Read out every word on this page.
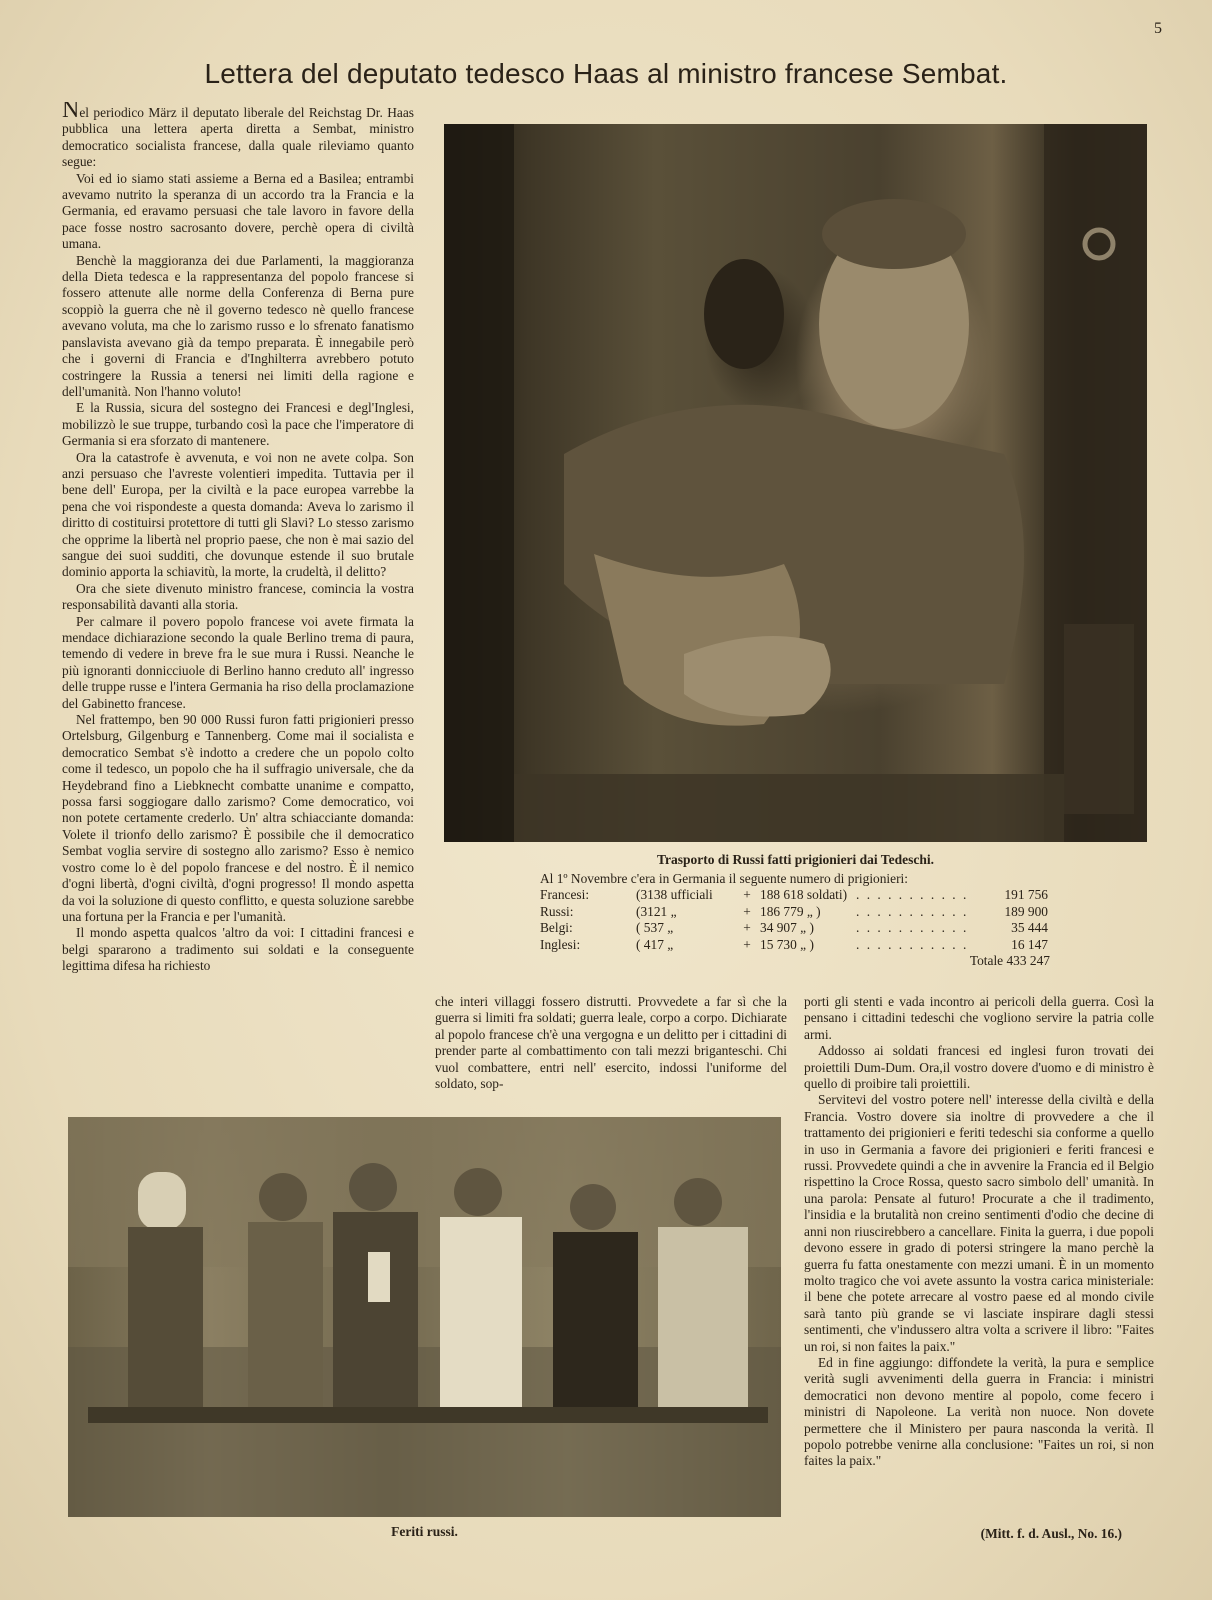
5
Lettera del deputato tedesco Haas al ministro francese Sembat.

Nel periodico März il deputato liberale del Reichstag Dr. Haas pubblica una lettera aperta diretta a Sembat, ministro democratico socialista francese, dalla quale rileviamo quanto segue:

Voi ed io siamo stati assieme a Berna ed a Basilea; entrambi avevamo nutrito la speranza di un accordo tra la Francia e la Germania, ed eravamo persuasi che tale lavoro in favore della pace fosse nostro sacrosanto dovere, perchè opera di civiltà umana.

Benchè la maggioranza dei due Parlamenti, la maggioranza della Dieta tedesca e la rappresentanza del popolo francese si fossero attenute alle norme della Conferenza di Berna pure scoppiò la guerra che nè il governo tedesco nè quello francese avevano voluta, ma che lo zarismo russo e lo sfrenato fanatismo panslavista avevano già da tempo preparata. È innegabile però che i governi di Francia e d'Inghilterra avrebbero potuto costringere la Russia a tenersi nei limiti della ragione e dell'umanità. Non l'hanno voluto!

E la Russia, sicura del sostegno dei Francesi e degl'Inglesi, mobilizzò le sue truppe, turbando così la pace che l'imperatore di Germania si era sforzato di mantenere.

Ora la catastrofe è avvenuta, e voi non ne avete colpa. Son anzi persuaso che l'avreste volentieri impedita. Tuttavia per il bene dell' Europa, per la civiltà e la pace europea varrebbe la pena che voi rispondeste a questa domanda: Aveva lo zarismo il diritto di costituirsi protettore di tutti gli Slavi? Lo stesso zarismo che opprime la libertà nel proprio paese, che non è mai sazio del sangue dei suoi sudditi, che dovunque estende il suo brutale dominio apporta la schiavitù, la morte, la crudeltà, il delitto?

Ora che siete divenuto ministro francese, comincia la vostra responsabilità davanti alla storia.

Per calmare il povero popolo francese voi avete firmata la mendace dichiarazione secondo la quale Berlino trema di paura, temendo di vedere in breve fra le sue mura i Russi. Neanche le più ignoranti donnicciuole di Berlino hanno creduto all' ingresso delle truppe russe e l'intera Germania ha riso della proclamazione del Gabinetto francese.

Nel frattempo, ben 90 000 Russi furon fatti prigionieri presso Ortelsburg, Gilgenburg e Tannenberg. Come mai il socialista e democratico Sembat s'è indotto a credere che un popolo colto come il tedesco, un popolo che ha il suffragio universale, che da Heydebrand fino a Liebknecht combatte unanime e compatto, possa farsi soggiogare dallo zarismo? Come democratico, voi non potete certamente crederlo. Un' altra schiacciante domanda: Volete il trionfo dello zarismo? È possibile che il democratico Sembat voglia servire di sostegno allo zarismo? Esso è nemico vostro come lo è del popolo francese e del nostro. È il nemico d'ogni libertà, d'ogni civiltà, d'ogni progresso! Il mondo aspetta da voi la soluzione di questo conflitto, e questa soluzione sarebbe una fortuna per la Francia e per l'umanità.

Il mondo aspetta qualcos 'altro da voi: I cittadini francesi e belgi spararono a tradimento sui soldati e la conseguente legittima difesa ha richiesto

Trasporto di Russi fatti prigionieri dai Tedeschi.

Al 1º Novembre c'era in Germania il seguente numero di prigionieri:

Francesi:	(3138 ufficiali	+	188 618 soldati)	. . . . . . . . . . .	191 756
Russi:	(3121 „	+	186 779 „ )	. . . . . . . . . . .	189 900
Belgi:	( 537 „	+	34 907 „ )	. . . . . . . . . . .	35 444
Inglesi:	( 417 „	+	15 730 „ )	. . . . . . . . . . .	16 147

Totale 433 247

che interi villaggi fossero distrutti. Provvedete a far sì che la guerra si limiti fra soldati; guerra leale, corpo a corpo. Dichiarate al popolo francese ch'è una vergogna e un delitto per i cittadini di prender parte al combattimento con tali mezzi briganteschi. Chi vuol combattere, entri nell' esercito, indossi l'uniforme del soldato, sop-

porti gli stenti e vada incontro ai pericoli della guerra. Così la pensano i cittadini tedeschi che vogliono servire la patria colle armi.

Addosso ai soldati francesi ed inglesi furon trovati dei proiettili Dum-Dum. Ora,il vostro dovere d'uomo e di ministro è quello di proibire tali proiettili.

Servitevi del vostro potere nell' interesse della civiltà e della Francia. Vostro dovere sia inoltre di provvedere a che il trattamento dei prigionieri e feriti tedeschi sia conforme a quello in uso in Germania a favore dei prigionieri e feriti francesi e russi. Provvedete quindi a che in avvenire la Francia ed il Belgio rispettino la Croce Rossa, questo sacro simbolo dell' umanità. In una parola: Pensate al futuro! Procurate a che il tradimento, l'insidia e la brutalità non creino sentimenti d'odio che decine di anni non riuscirebbero a cancellare. Finita la guerra, i due popoli devono essere in grado di potersi stringere la mano perchè la guerra fu fatta onestamente con mezzi umani. È in un momento molto tragico che voi avete assunto la vostra carica ministeriale: il bene che potete arrecare al vostro paese ed al mondo civile sarà tanto più grande se vi lasciate inspirare dagli stessi sentimenti, che v'indussero altra volta a scrivere il libro: "Faites un roi, si non faites la paix."

Ed in fine aggiungo: diffondete la verità, la pura e semplice verità sugli avvenimenti della guerra in Francia: i ministri democratici non devono mentire al popolo, come fecero i ministri di Napoleone. La verità non nuoce. Non dovete permettere che il Ministero per paura nasconda la verità. Il popolo potrebbe venirne alla conclusione: "Faites un roi, si non faites la paix."

Feriti russi.	(Mitt. f. d. Ausl., No. 16.)
